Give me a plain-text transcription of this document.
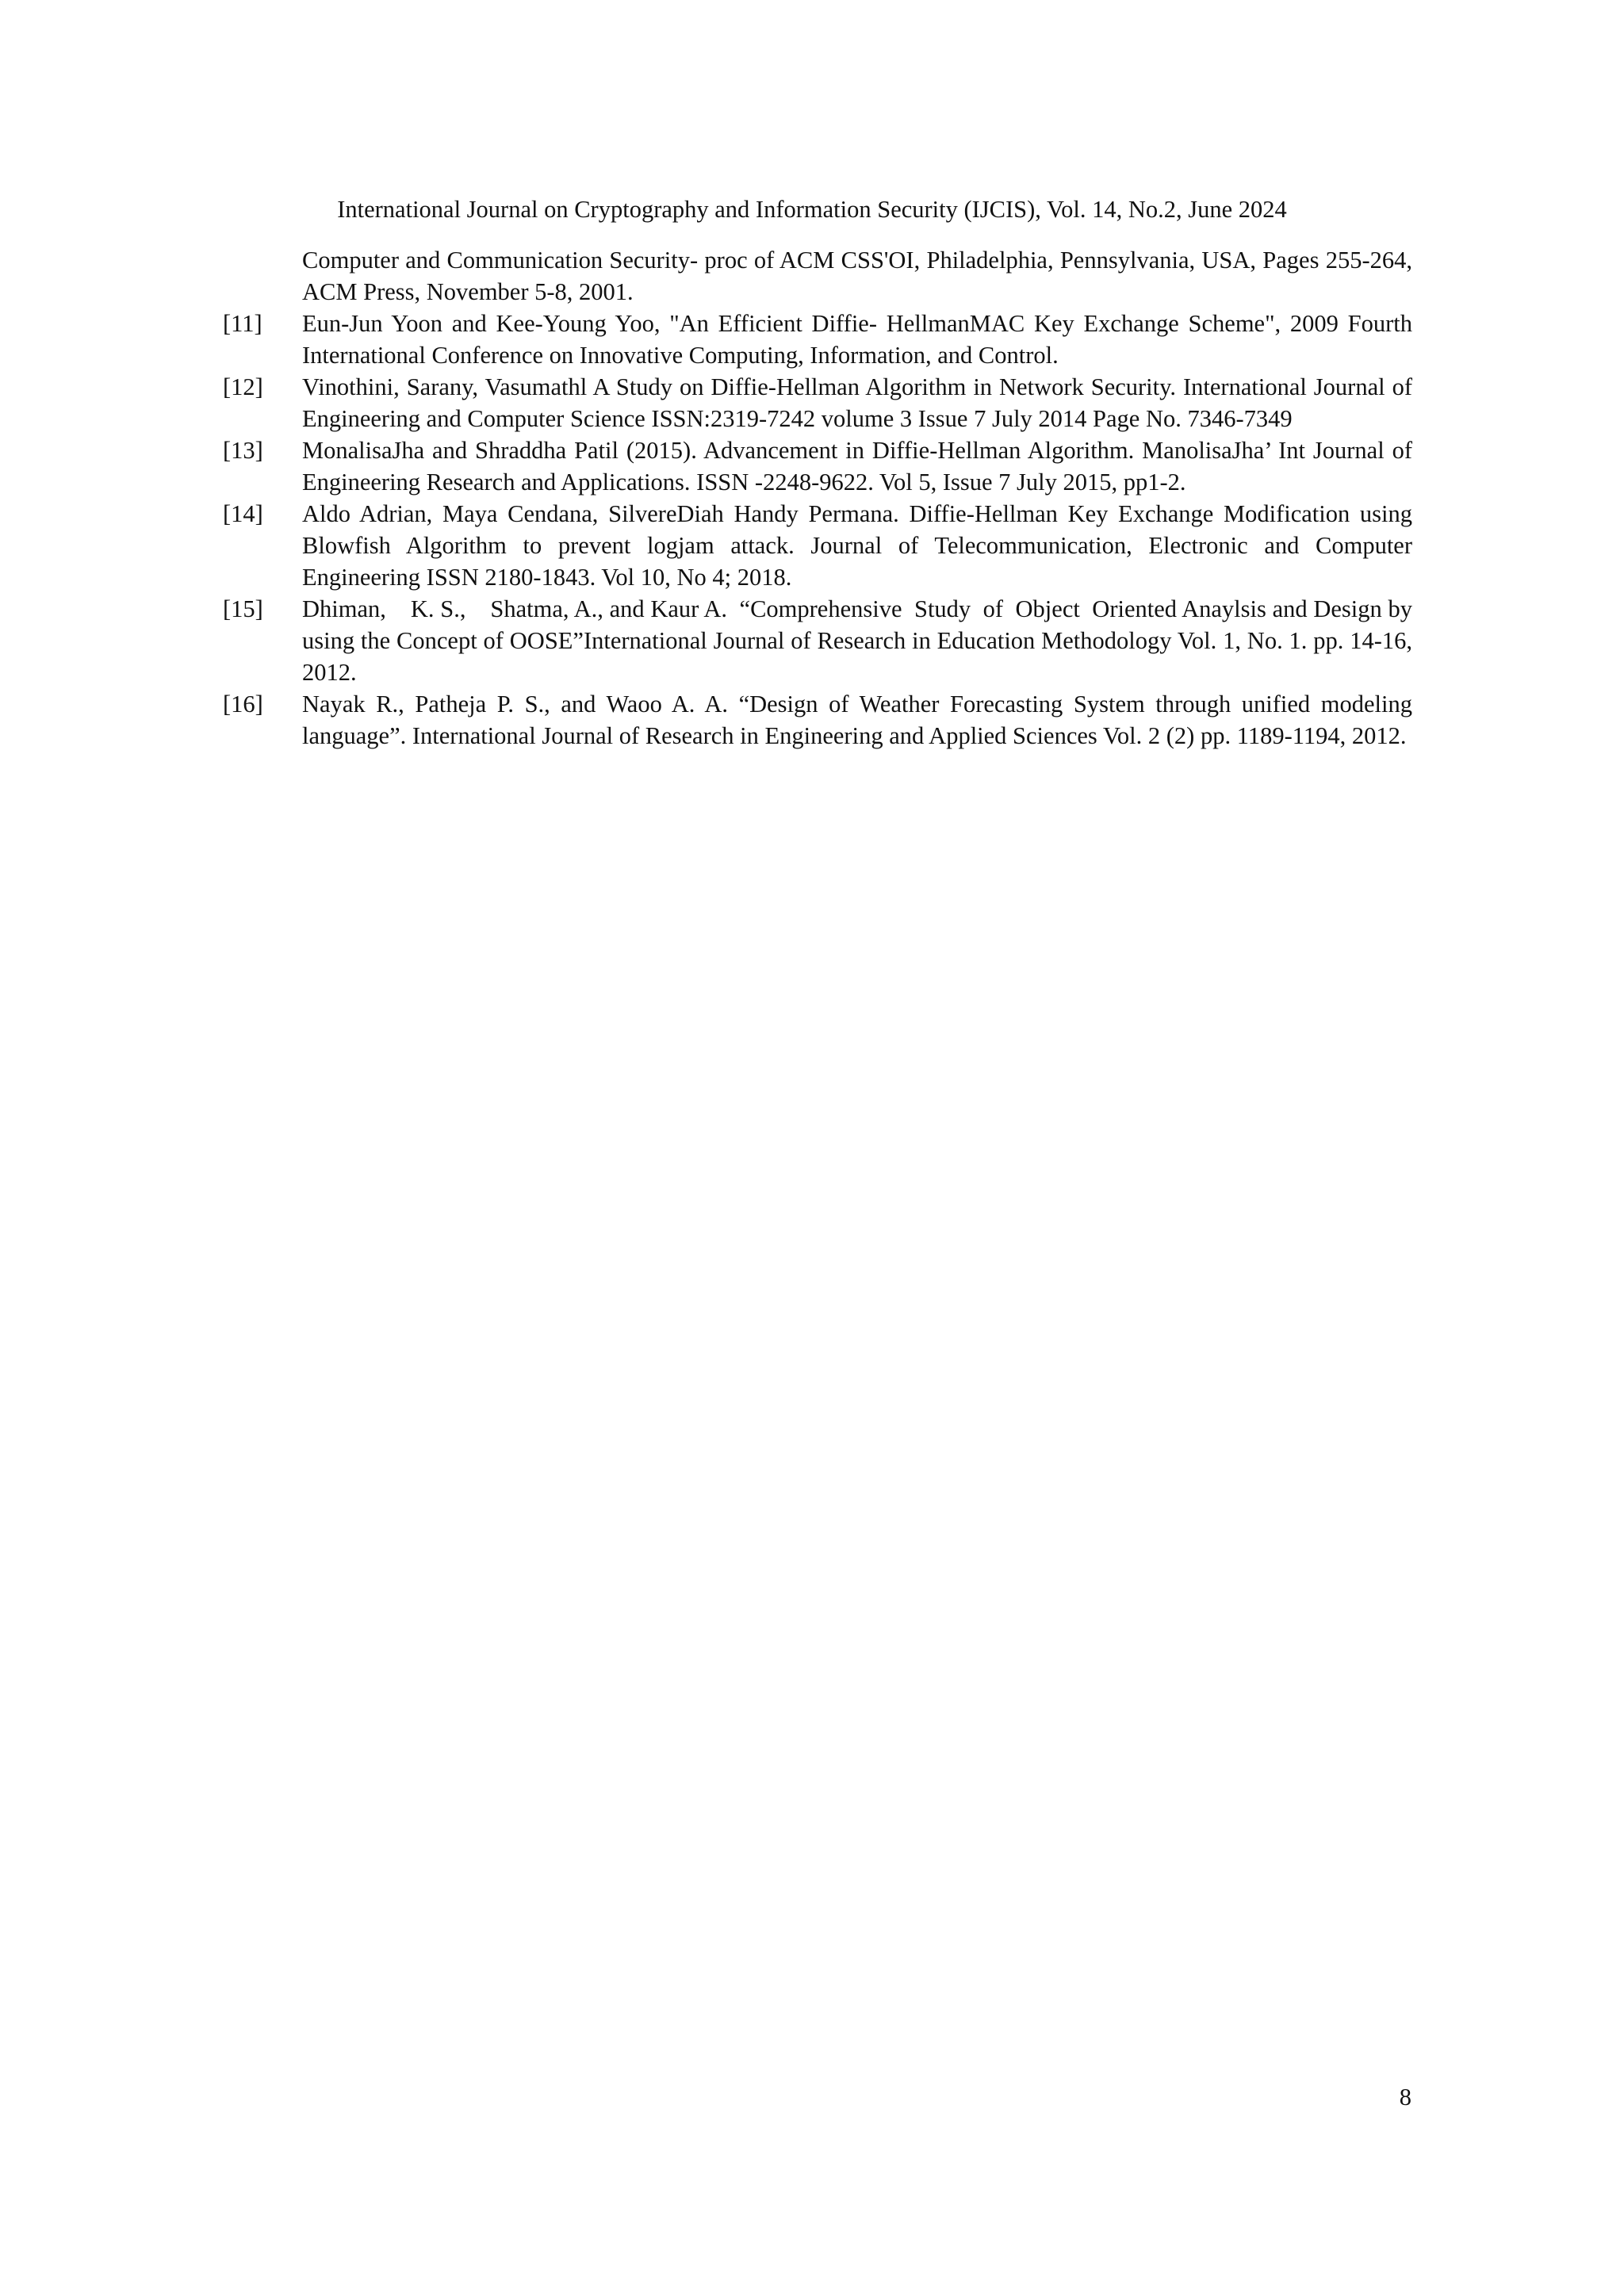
International Journal on Cryptography and Information Security (IJCIS), Vol. 14, No.2, June 2024

Computer and Communication Security- proc of ACM CSS'OI, Philadelphia, Pennsylvania, USA, Pages 255-264, ACM Press, November 5-8, 2001.

[11]	Eun-Jun Yoon and Kee-Young Yoo, "An Efficient Diffie- HellmanMAC Key Exchange Scheme", 2009 Fourth International Conference on Innovative Computing, Information, and Control.
[12]	Vinothini, Sarany, Vasumathl A Study on Diffie-Hellman Algorithm in Network Security. International Journal of Engineering and Computer Science ISSN:2319-7242 volume 3 Issue 7 July 2014 Page No. 7346-7349
[13]	MonalisaJha and Shraddha Patil (2015). Advancement in Diffie-Hellman Algorithm. ManolisaJha’ Int Journal of Engineering Research and Applications. ISSN -2248-9622. Vol 5, Issue 7 July 2015, pp1-2.
[14]	Aldo Adrian, Maya Cendana, SilvereDiah Handy Permana. Diffie-Hellman Key Exchange Modification using Blowfish Algorithm to prevent logjam attack. Journal of Telecommunication, Electronic and Computer Engineering ISSN 2180-1843. Vol 10, No 4; 2018.
[15]	Dhiman,    K. S.,    Shatma, A., and Kaur A.  “Comprehensive  Study  of  Object  Oriented Anaylsis and Design by using the Concept of OOSE”International Journal of Research in Education Methodology Vol. 1, No. 1. pp. 14-16, 2012.
[16]	Nayak R., Patheja P. S., and Waoo A. A. “Design of Weather Forecasting System through unified modeling language”. International Journal of Research in Engineering and Applied Sciences Vol. 2 (2) pp. 1189-1194, 2012.
8
